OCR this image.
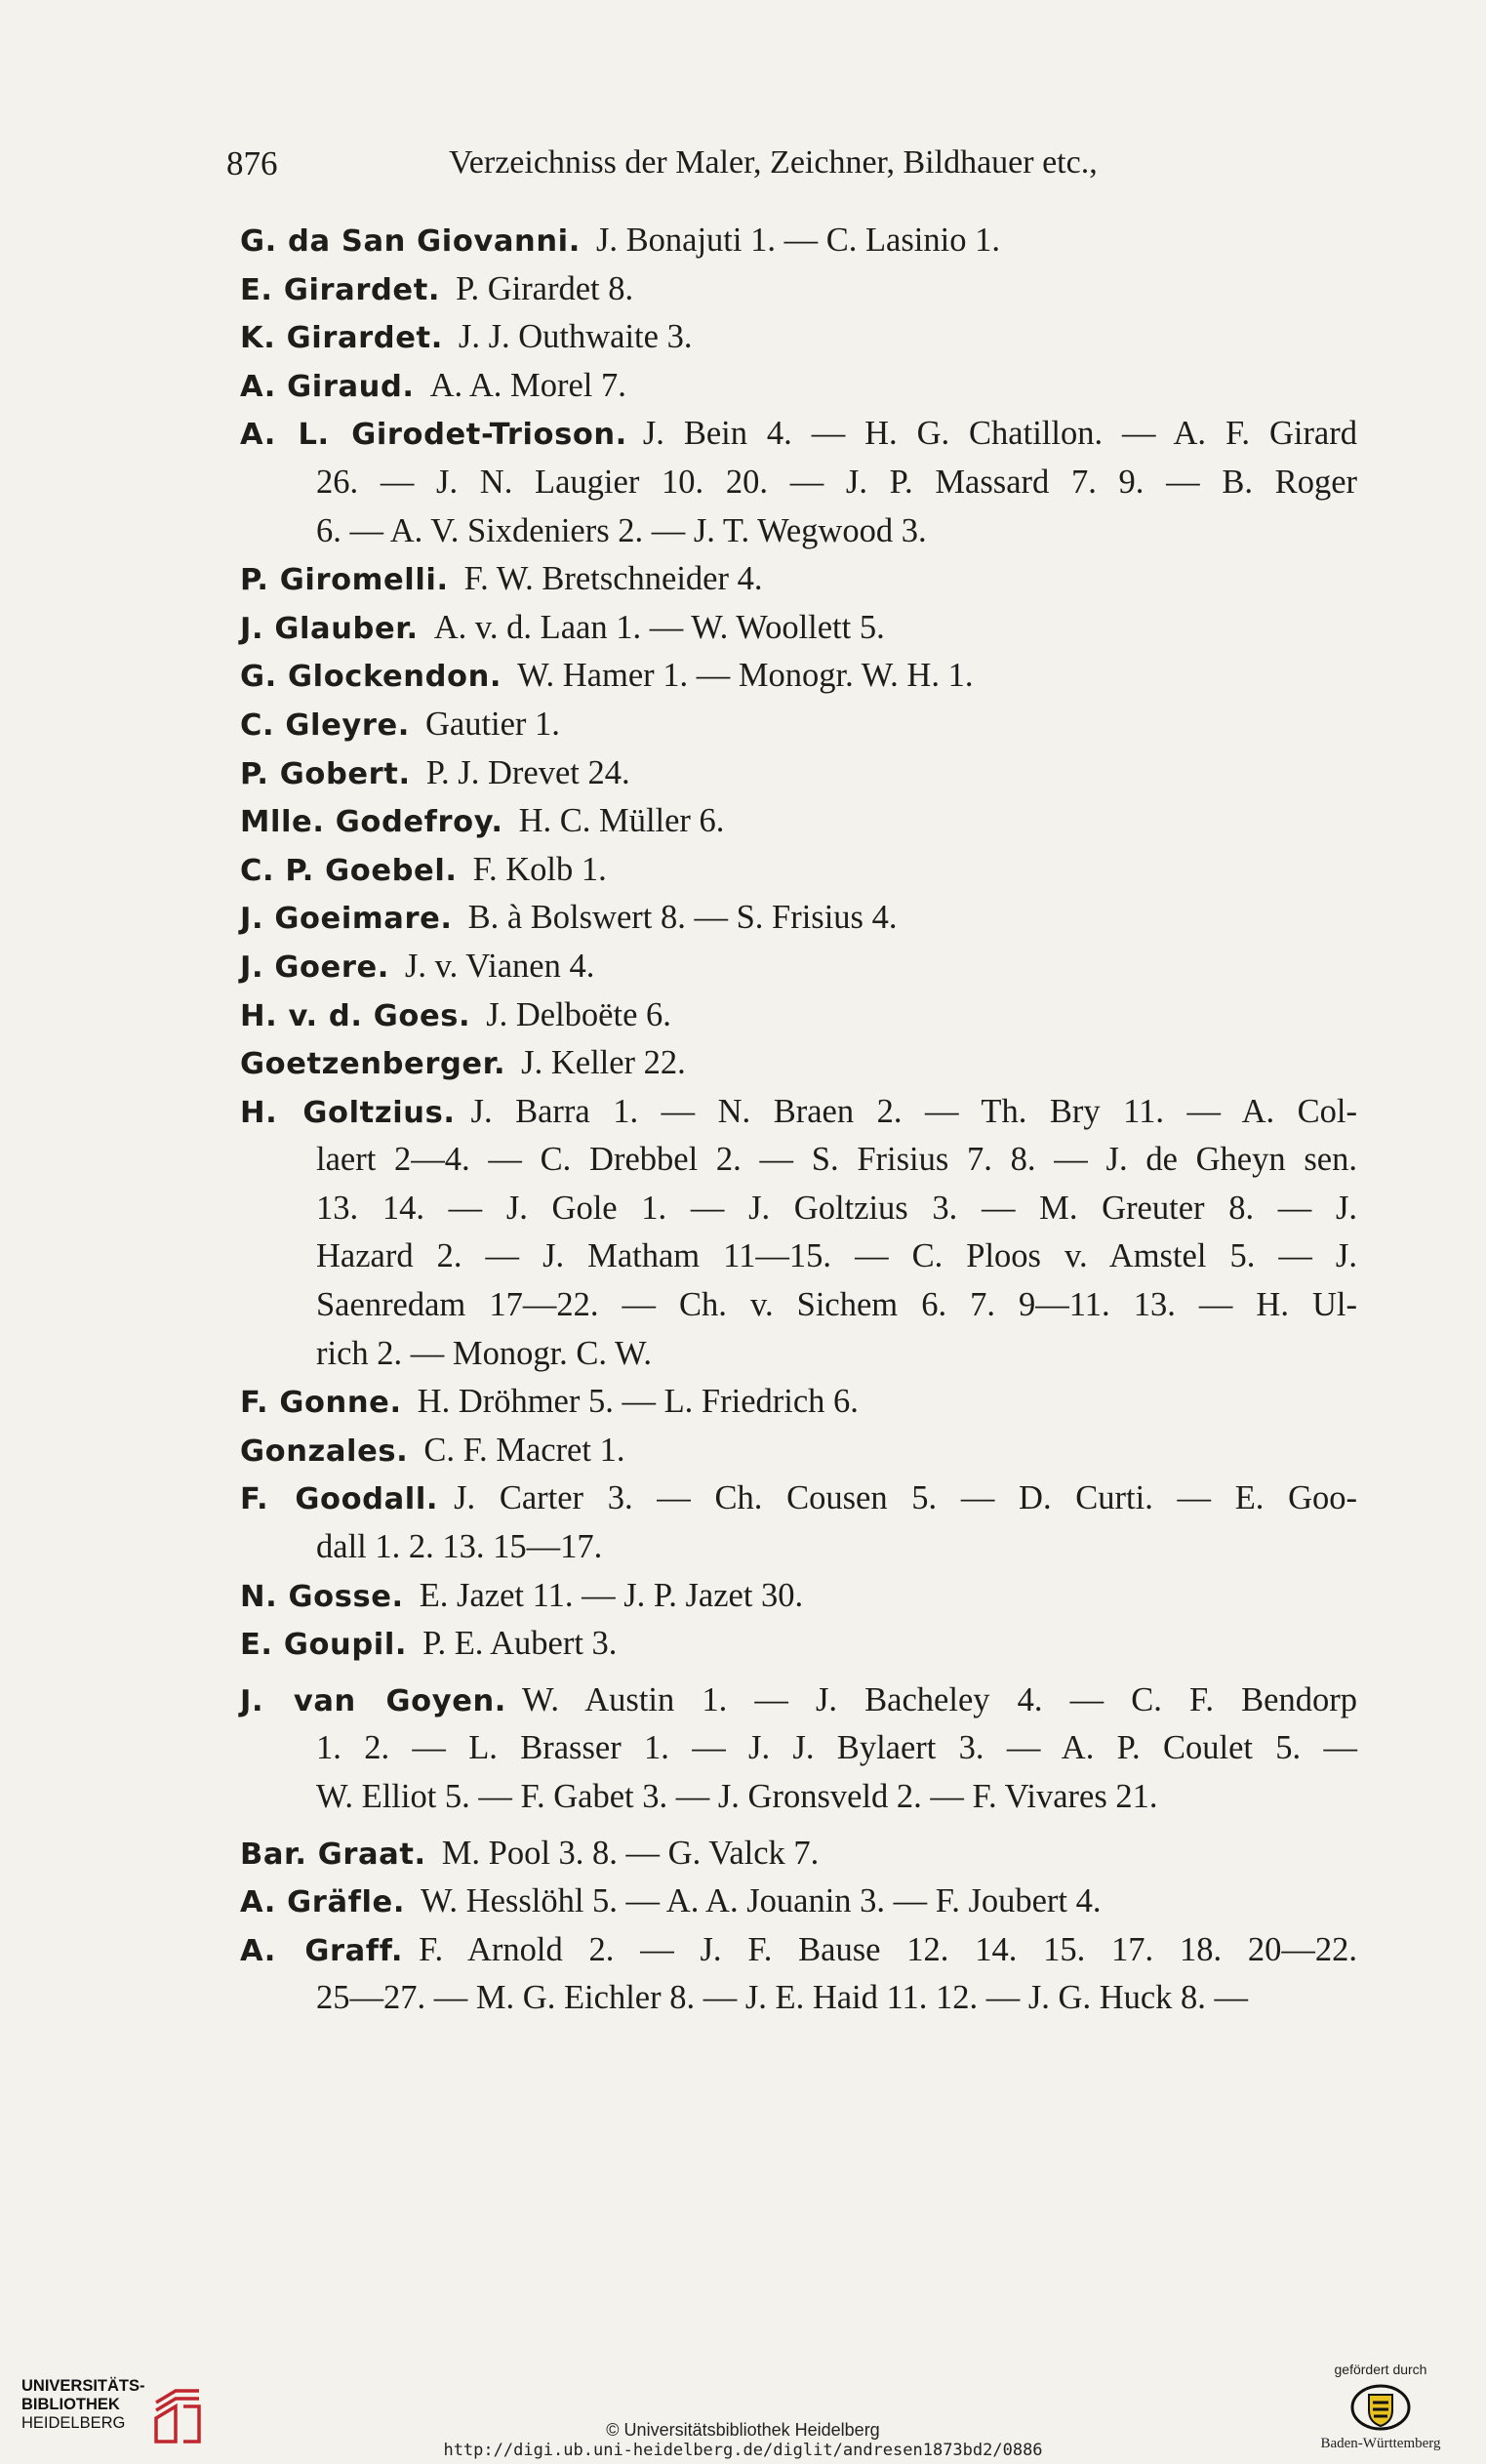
876	Verzeichniss der Maler, Zeichner, Bildhauer etc.,

G. da San Giovanni. J. Bonajuti 1. — C. Lasinio 1.

E. Girardet. P. Girardet 8.

K. Girardet. J. J. Outhwaite 3.

A. Giraud. A. A. Morel 7.

A. L. Girodet-Trioson. J. Bein 4. — H. G. Chatillon. — A. F. Girard
26. — J. N. Laugier 10. 20. — J. P. Massard 7. 9. — B. Roger
6. — A. V. Sixdeniers 2. — J. T. Wegwood 3.

P. Giromelli. F. W. Bretschneider 4.

J. Glauber. A. v. d. Laan 1. — W. Woollett 5.

G. Glockendon. W. Hamer 1. — Monogr. W. H. 1.

C. Gleyre. Gautier 1.

P. Gobert. P. J. Drevet 24.

Mlle. Godefroy. H. C. Müller 6.

C. P. Goebel. F. Kolb 1.

J. Goeimare. B. à Bolswert 8. — S. Frisius 4.

J. Goere. J. v. Vianen 4.

H. v. d. Goes. J. Delboëte 6.

Goetzenberger. J. Keller 22.

H. Goltzius. J. Barra 1. — N. Braen 2. — Th. Bry 11. — A. Col-
laert 2—4. — C. Drebbel 2. — S. Frisius 7. 8. — J. de Gheyn sen.
13. 14. — J. Gole 1. — J. Goltzius 3. — M. Greuter 8. — J.
Hazard 2. — J. Matham 11—15. — C. Ploos v. Amstel 5. — J.
Saenredam 17—22. — Ch. v. Sichem 6. 7. 9—11. 13. — H. Ul-
rich 2. — Monogr. C. W.

F. Gonne. H. Dröhmer 5. — L. Friedrich 6.

Gonzales. C. F. Macret 1.

F. Goodall. J. Carter 3. — Ch. Cousen 5. — D. Curti. — E. Goo-
dall 1. 2. 13. 15—17.

N. Gosse. E. Jazet 11. — J. P. Jazet 30.

E. Goupil. P. E. Aubert 3.

J. van Goyen. W. Austin 1. — J. Bacheley 4. — C. F. Bendorp
1. 2. — L. Brasser 1. — J. J. Bylaert 3. — A. P. Coulet 5. —
W. Elliot 5. — F. Gabet 3. — J. Gronsveld 2. — F. Vivares 21.

Bar. Graat. M. Pool 3. 8. — G. Valck 7.

A. Gräfle. W. Hesslöhl 5. — A. A. Jouanin 3. — F. Joubert 4.

A. Graff. F. Arnold 2. — J. F. Bause 12. 14. 15. 17. 18. 20—22.
25—27. — M. G. Eichler 8. — J. E. Haid 11. 12. — J. G. Huck 8. —

UNIVERSITÄTS-
BIBLIOTHEK
HEIDELBERG	© Universitätsbibliothek Heidelberg
http://digi.ub.uni-heidelberg.de/diglit/andresen1873bd2/0886
gefördert durch
Baden-Württemberg
